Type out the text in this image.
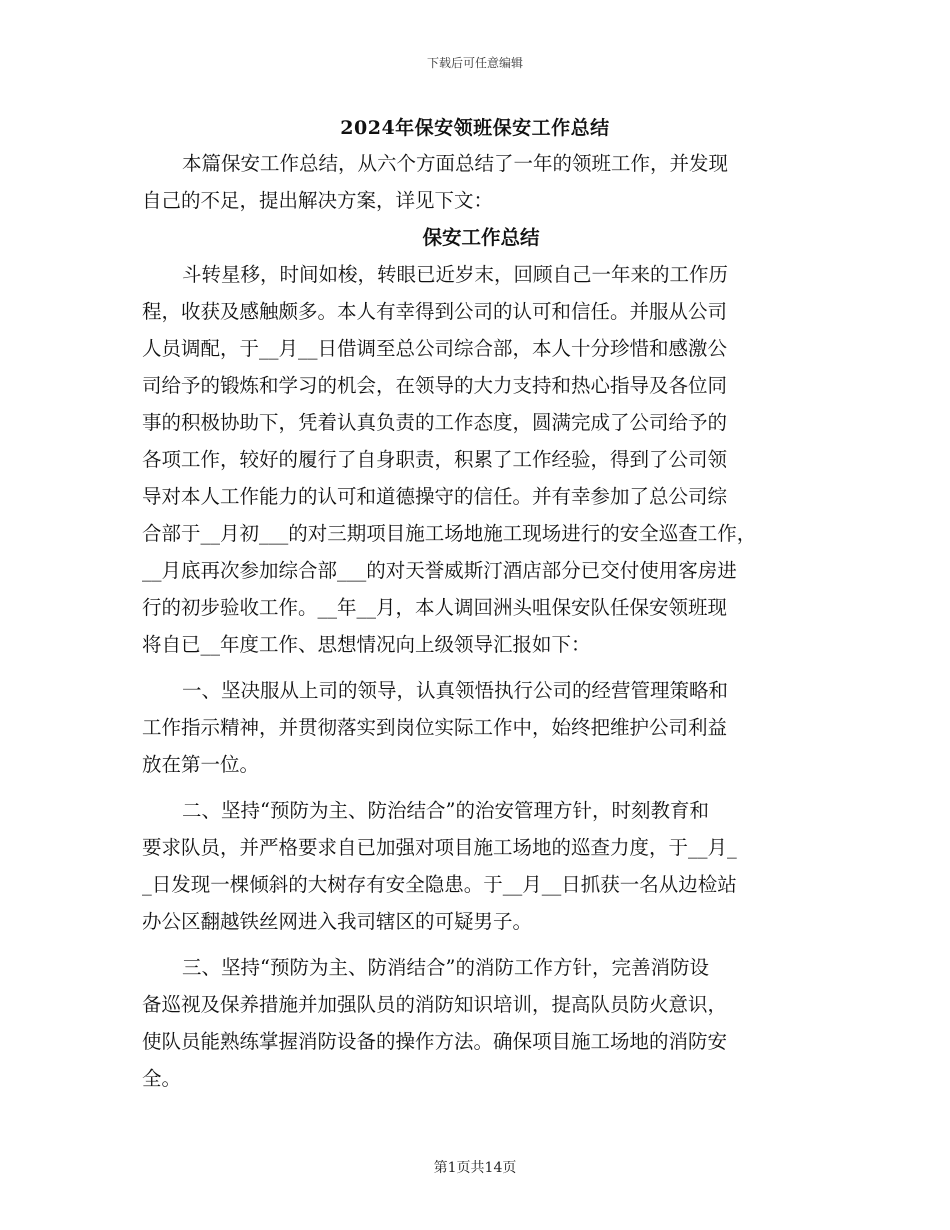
下载后可任意编辑
2024年保安领班保安工作总结
本篇保安工作总结，从六个方面总结了一年的领班工作，并发现
自己的不足，提出解决方案，详见下文：
保安工作总结
斗转星移，时间如梭，转眼已近岁末，回顾自己一年来的工作历
程，收获及感触颇多。本人有幸得到公司的认可和信任。并服从公司
人员调配，于__月__日借调至总公司综合部，本人十分珍惜和感激公
司给予的锻炼和学习的机会，在领导的大力支持和热心指导及各位同
事的积极协助下，凭着认真负责的工作态度，圆满完成了公司给予的
各项工作，较好的履行了自身职责，积累了工作经验，得到了公司领
导对本人工作能力的认可和道德操守的信任。并有幸参加了总公司综
合部于__月初___的对三期项目施工场地施工现场进行的安全巡查工作，
__月底再次参加综合部___的对天誉威斯汀酒店部分已交付使用客房进
行的初步验收工作。__年__月，本人调回洲头咀保安队任保安领班现
将自已__年度工作、思想情况向上级领导汇报如下：
一、坚决服从上司的领导，认真领悟执行公司的经营管理策略和
工作指示精神，并贯彻落实到岗位实际工作中，始终把维护公司利益
放在第一位。
二、坚持“预防为主、防治结合”的治安管理方针，时刻教育和
要求队员，并严格要求自已加强对项目施工场地的巡查力度，于__月_
_日发现一棵倾斜的大树存有安全隐患。于__月__日抓获一名从边检站
办公区翻越铁丝网进入我司辖区的可疑男子。
三、坚持“预防为主、防消结合”的消防工作方针，完善消防设
备巡视及保养措施并加强队员的消防知识培训，提高队员防火意识，
使队员能熟练掌握消防设备的操作方法。确保项目施工场地的消防安
全。
第1页共14页
